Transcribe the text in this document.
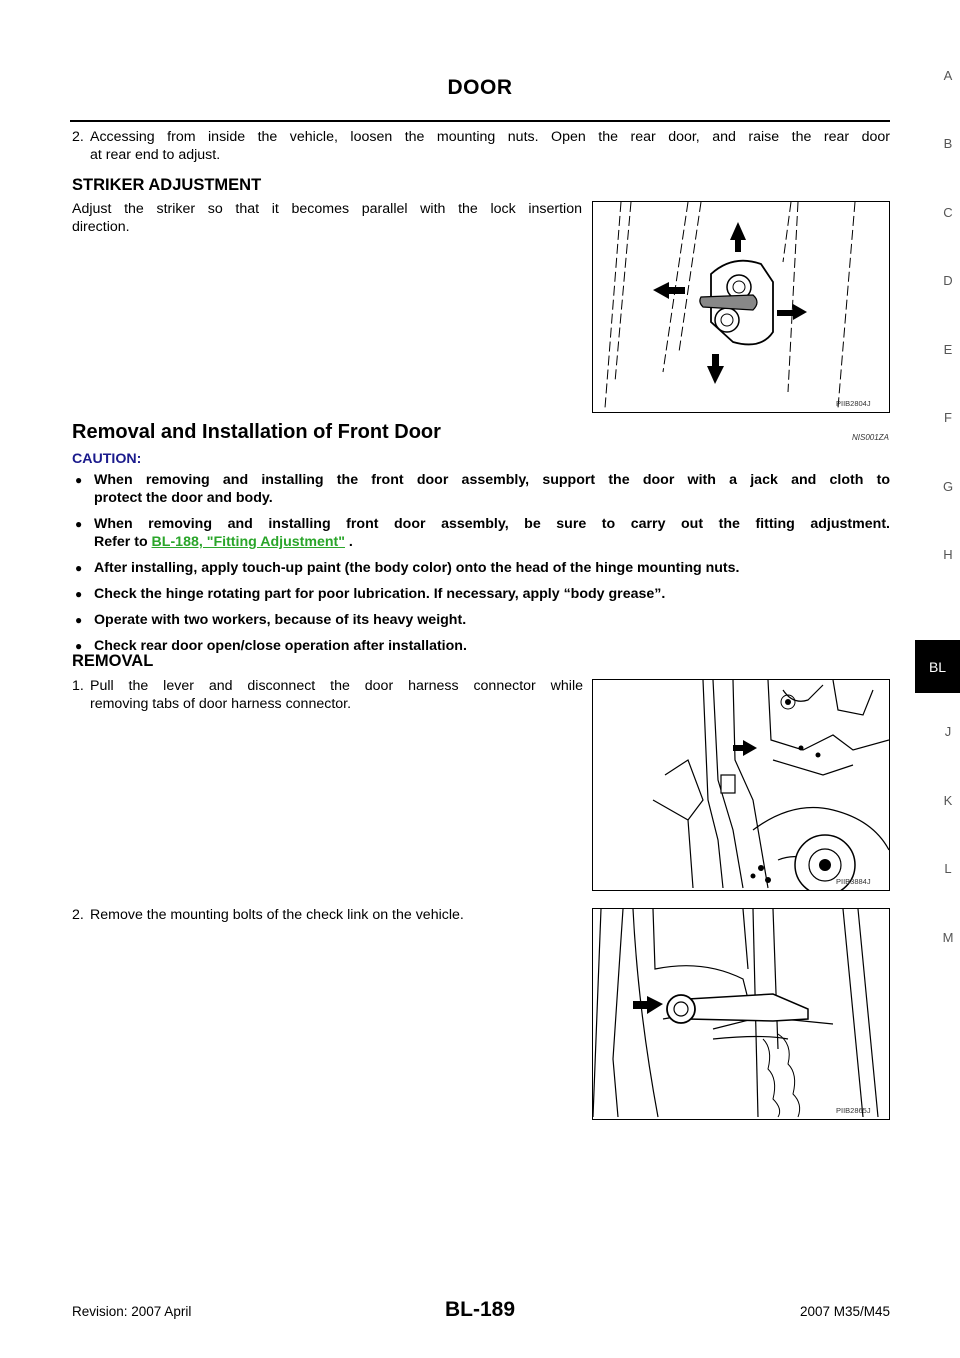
DOOR
A
B
C
D
E
F
G
H
BL
J
K
L
M
2. Accessing from inside the vehicle, loosen the mounting nuts. Open the rear door, and raise the rear door
at rear end to adjust.
STRIKER ADJUSTMENT
Adjust the striker so that it becomes parallel with the lock insertion
direction.
PIIB2804J
Removal and Installation of Front Door	NIS001ZA
CAUTION:
● When removing and installing the front door assembly, support the door with a jack and cloth to
protect the door and body.
● When removing and installing front door assembly, be sure to carry out the fitting adjustment.
Refer to BL-188, "Fitting Adjustment" .
● After installing, apply touch-up paint (the body color) onto the head of the hinge mounting nuts.
● Check the hinge rotating part for poor lubrication. If necessary, apply “body grease”.
● Operate with two workers, because of its heavy weight.
● Check rear door open/close operation after installation.
REMOVAL
1. Pull the lever and disconnect the door harness connector while
removing tabs of door harness connector.
PIIB3884J
2. Remove the mounting bolts of the check link on the vehicle.
PIIB2865J
Revision: 2007 April	BL-189	2007 M35/M45
